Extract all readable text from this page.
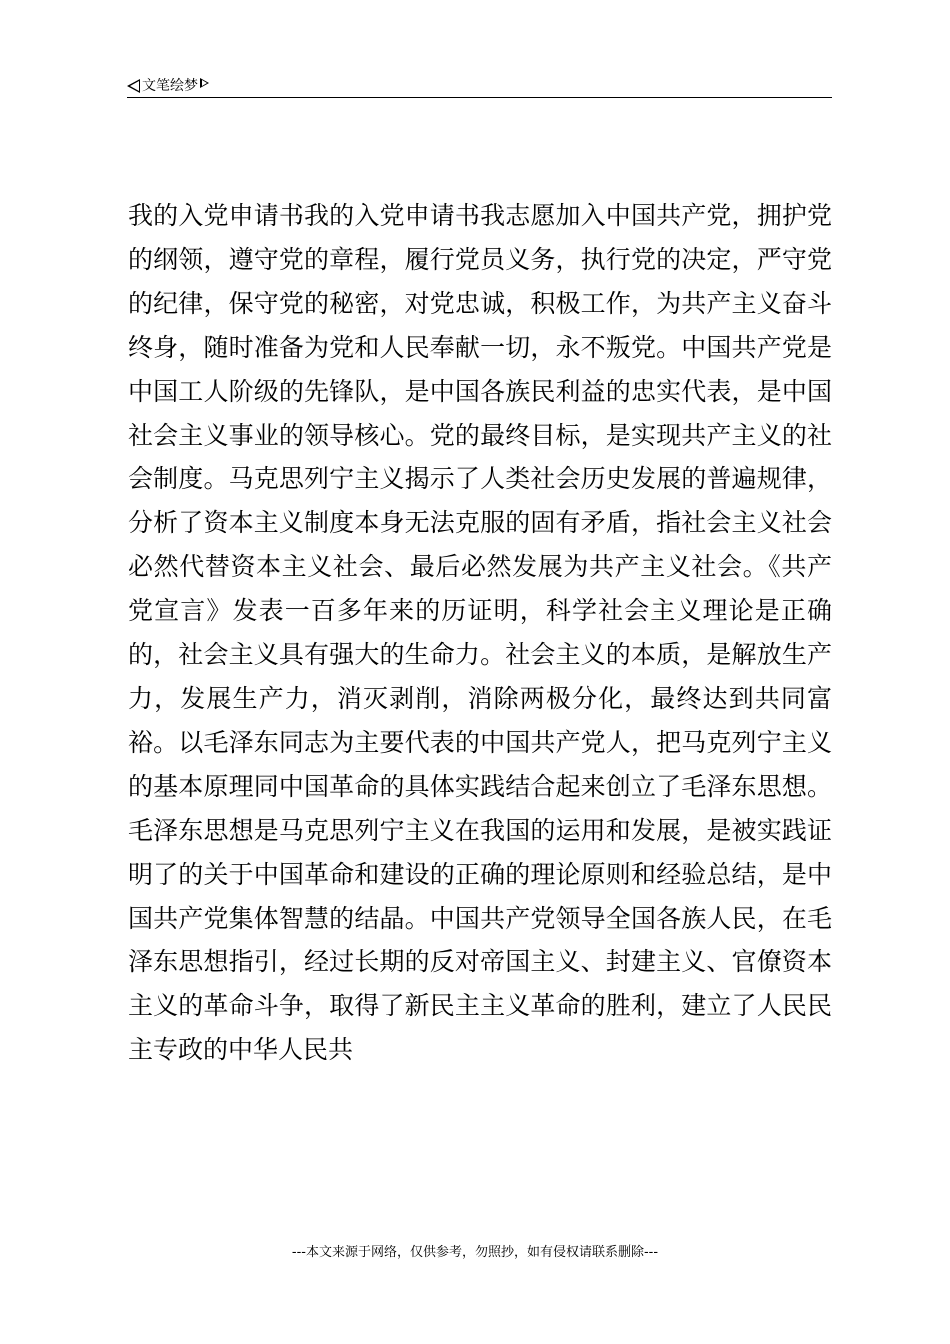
文笔绘梦

我的入党申请书我的入党申请书我志愿加入中国共产党，拥护党的纲领，遵守党的章程，履行党员义务，执行党的决定，严守党的纪律，保守党的秘密，对党忠诚，积极工作，为共产主义奋斗终身，随时准备为党和人民奉献一切，永不叛党。中国共产党是中国工人阶级的先锋队，是中国各族民利益的忠实代表，是中国社会主义事业的领导核心。党的最终目标，是实现共产主义的社会制度。马克思列宁主义揭示了人类社会历史发展的普遍规律，分析了资本主义制度本身无法克服的固有矛盾，指社会主义社会必然代替资本主义社会、最后必然发展为共产主义社会。《共产党宣言》发表一百多年来的历证明，科学社会主义理论是正确的，社会主义具有强大的生命力。社会主义的本质，是解放生产力，发展生产力，消灭剥削，消除两极分化，最终达到共同富裕。以毛泽东同志为主要代表的中国共产党人，把马克列宁主义的基本原理同中国革命的具体实践结合起来创立了毛泽东思想。毛泽东思想是马克思列宁主义在我国的运用和发展，是被实践证明了的关于中国革命和建设的正确的理论原则和经验总结，是中国共产党集体智慧的结晶。中国共产党领导全国各族人民，在毛泽东思想指引，经过长期的反对帝国主义、封建主义、官僚资本主义的革命斗争，取得了新民主主义革命的胜利，建立了人民民主专政的中华人民共

---本文来源于网络，仅供参考，勿照抄，如有侵权请联系删除---
